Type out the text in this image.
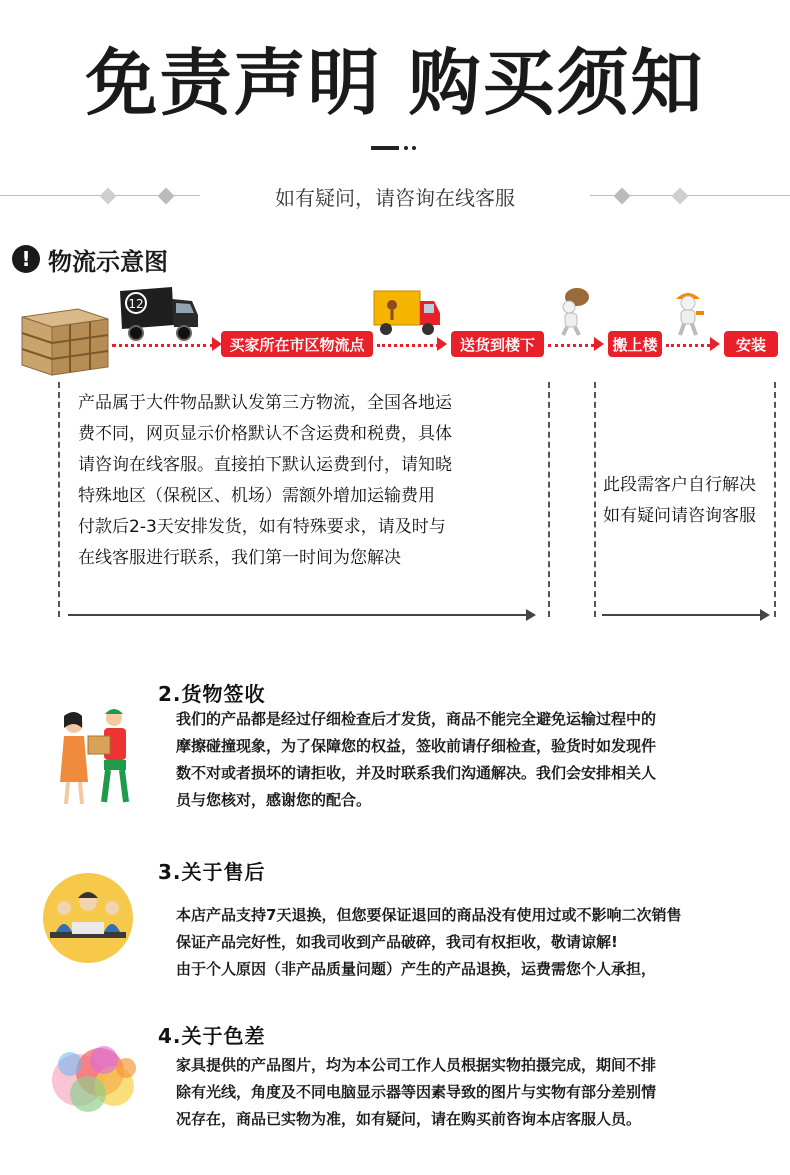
免责声明 购买须知
如有疑问，请咨询在线客服
! 物流示意图
12
买家所在市区物流点	送货到楼下	搬上楼	安装

产品属于大件物品默认发第三方物流，全国各地运

费不同，网页显示价格默认不含运费和税费，具体

请咨询在线客服。直接拍下默认运费到付，请知晓

特殊地区（保税区、机场）需额外增加运输费用

付款后2-3天安排发货，如有特殊要求，请及时与

在线客服进行联系，我们第一时间为您解决

此段需客户自行解决

如有疑问请咨询客服

2.货物签收

我们的产品都是经过仔细检查后才发货，商品不能完全避免运输过程中的

摩擦碰撞现象，为了保障您的权益，签收前请仔细检查，验货时如发现件

数不对或者损坏的请拒收，并及时联系我们沟通解决。我们会安排相关人

员与您核对，感谢您的配合。

3.关于售后

本店产品支持7天退换，但您要保证退回的商品没有使用过或不影响二次销售

保证产品完好性，如我司收到产品破碎，我司有权拒收，敬请谅解!

由于个人原因（非产品质量问题）产生的产品退换，运费需您个人承担，

4.关于色差

家具提供的产品图片，均为本公司工作人员根据实物拍摄完成，期间不排

除有光线，角度及不同电脑显示器等因素导致的图片与实物有部分差别情

况存在，商品已实物为准，如有疑问，请在购买前咨询本店客服人员。
